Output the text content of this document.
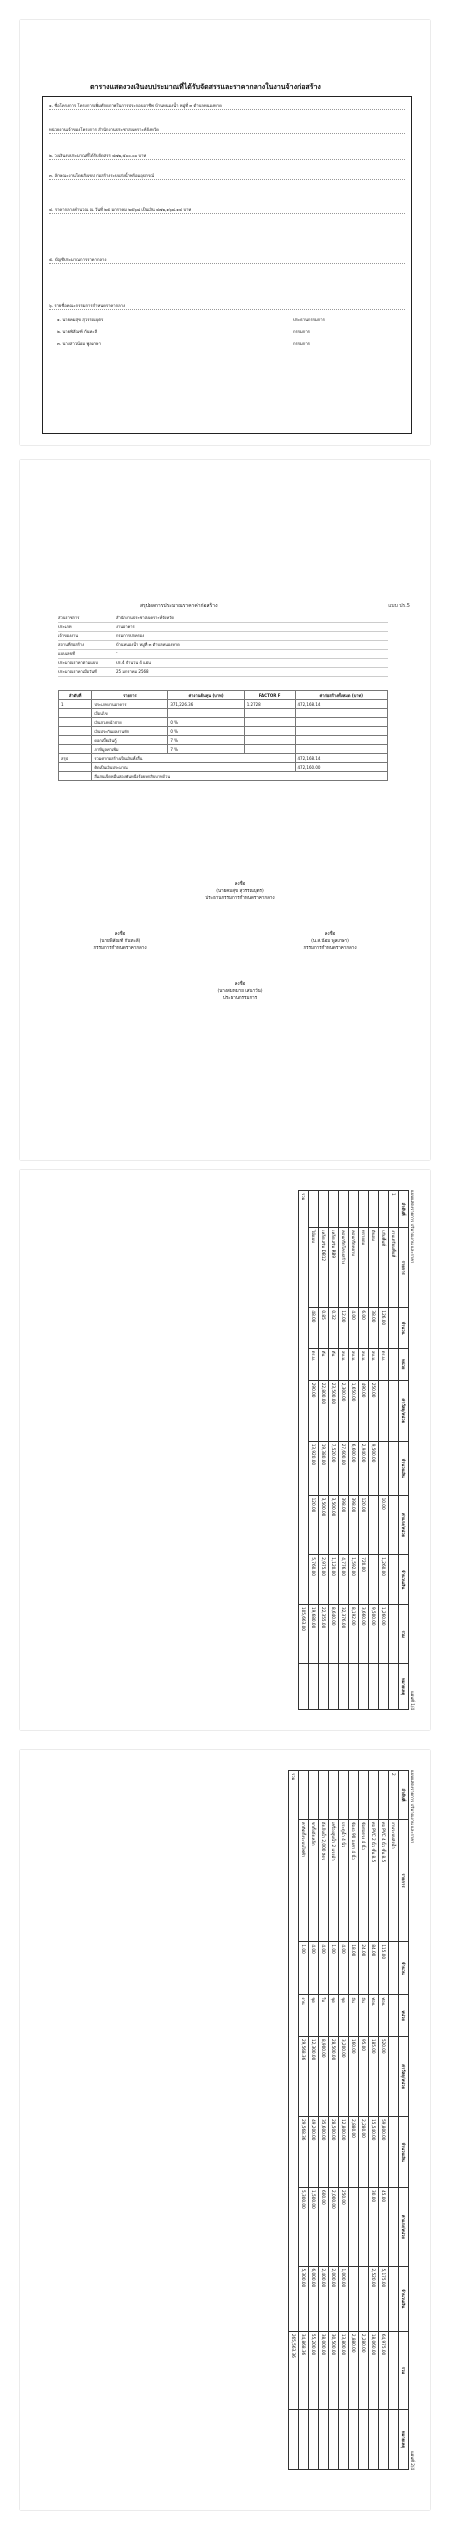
ตารางแสดงวงเงินงบประมาณที่ได้รับจัดสรรและราคากลางในงานจ้างก่อสร้าง
๑. ชื่อโครงการ โครงการเพิ่มศักยภาพในการประกอบอาชีพ บ้านหนองน้ำ หมู่ที่ ๓ ตำบลหนองหาด
หน่วยงานเจ้าของโครงการ สำนักงานประชาสงเคราะห์จังหวัด
๒. วงเงินงบประมาณที่ได้รับจัดสรร ๔๗๒,๕๐๐.๐๐ บาท
๓. ลักษณะงานโดยสังเขป ก่อสร้างระบบส่งน้ำพร้อมอุปกรณ์
๔. ราคากลางคำนวณ ณ วันที่ ๒๕ มกราคม ๒๕๖๘ เป็นเงิน ๔๗๒,๑๖๘.๑๔ บาท
๕. บัญชีประมาณการราคากลาง
๖. รายชื่อคณะกรรมการกำหนดราคากลาง
๑. นายคมสุข สุวรรณบุตร	ประธานกรรมการ
๒. นายพิสัณฑ์ กันทะลี	กรรมการ
๓. นางสาวน้อม พูลเกษา	กรรมการ
แบบ ปร.5
สรุปผลการประมาณราคาค่าก่อสร้าง
ส่วนราชการ	สำนักงานประชาสงเคราะห์จังหวัด
ประเภท	งานอาคาร
เจ้าของงาน	กรมการปกครอง
สถานที่ก่อสร้าง	บ้านหนองน้ำ หมู่ที่ ๓ ตำบลหนองหาด
แบบเลขที่	-
ประมาณราคาตามแบบ	ปร.4 จำนวน 4 แผ่น
ประมาณราคาเมื่อวันที่	25 มกราคม 2568
ลำดับที่	รายการ	ค่างานต้นทุน (บาท)	FACTOR F	ค่าก่อสร้างทั้งหมด (บาท)
1	ประเภทงานอาคาร	371,226.36	1.2728	472,168.14
	เงื่อนไข			
	เงินล่วงหน้าจ่าย	0 %		
	เงินประกันผลงานหัก	0 %		
	ดอกเบี้ยเงินกู้	7 %		
	ภาษีมูลค่าเพิ่ม	7 %		
สรุป	รวมค่าก่อสร้างเป็นเงินทั้งสิ้น			472,168.14
	คิดเป็นเงินประมาณ			472,160.00
	สี่แสนเจ็ดหมื่นสองพันหนึ่งร้อยหกสิบบาทถ้วน			
ลงชื่อ
(นายคมสุข สุวรรณบุตร)
ประธานกรรมการกำหนดราคากลาง
ลงชื่อ
(นายพิสัณฑ์ กันทะลี)
กรรมการกำหนดราคากลาง
ลงชื่อ
(น.ส.น้อม พูลเกษา)
กรรมการกำหนดราคากลาง
ลงชื่อ
(นางสมหมาย เสนาวัน)
ประธานกรรมการ
แบบแสดงรายการ ปริมาณงาน และราคา
แผ่นที่ 1/4
ลำดับที่	รายการ	จำนวน	หน่วย	ค่าวัสดุ/หน่วย	จำนวนเงิน	ค่าแรง/หน่วย	จำนวนเงิน	รวม	หมายเหตุ
1	งานเตรียมพื้นที่								
	ปรับพื้นที่	126.00	ตร.ม.			10.00	1,260.00	1,260.00	
	ดินถม	38.00	ลบ.ม.	250.00	9,500.00			9,500.00	
	ทรายถม	6.00	ลบ.ม.	490.00	2,940.00	120.00	720.00	3,660.00	
	คอนกรีตหยาบ	4.00	ลบ.ม.	1,650.00	6,600.00	398.00	1,592.00	8,192.00	
	คอนกรีตโครงสร้าง	12.00	ลบ.ม.	2,300.00	27,600.00	398.00	4,776.00	32,376.00	
	เหล็กเสริม RB9	0.32	ตัน	23,500.00	7,520.00	3,500.00	1,120.00	8,640.00	
	เหล็กเสริม DB12	0.85	ตัน	22,800.00	19,380.00	3,500.00	2,975.00	22,355.00	
	ไม้แบบ	48.00	ตร.ม.	290.00	13,920.00	120.00	5,760.00	19,680.00	
รวม								105,663.00	
แบบแสดงรายการ ปริมาณงาน และราคา
แผ่นที่ 2/4
ลำดับที่	รายการ	จำนวน	หน่วย	ค่าวัสดุ/หน่วย	จำนวนเงิน	ค่าแรง/หน่วย	จำนวนเงิน	รวม	หมายเหตุ
2	งานระบบส่งน้ำ								
	ท่อ PVC 4 นิ้ว ชั้น 8.5	115.00	ท่อน	520.00	59,800.00	45.00	5,175.00	64,975.00	
	ท่อ PVC 2 นิ้ว ชั้น 8.5	84.00	ท่อน	185.00	15,540.00	30.00	2,520.00	18,060.00	
	ข้อต่อตรง 4 นิ้ว	24.00	อัน	95.00	2,280.00			2,280.00	
	ข้องอ 90 องศา 4 นิ้ว	18.00	อัน	160.00	2,880.00			2,880.00	
	ประตูน้ำ 4 นิ้ว	4.00	ชุด	3,200.00	12,800.00	250.00	1,000.00	13,800.00	
	เครื่องสูบน้ำ 2 แรงม้า	1.00	ชุด	28,500.00	28,500.00	2,000.00	2,000.00	30,500.00	
	ถังเก็บน้ำ 2,000 ลิตร	4.00	ใบ	8,900.00	35,600.00	600.00	2,400.00	38,000.00	
	ขาตั้งถังเหล็ก	4.00	ชุด	12,300.00	49,200.00	1,500.00	6,000.00	55,200.00	
	ค่าติดตั้งระบบไฟฟ้า	1.00	งาน	29,568.36	29,568.36	5,300.00	5,300.00	34,868.36	
รวม								265,563.36	
